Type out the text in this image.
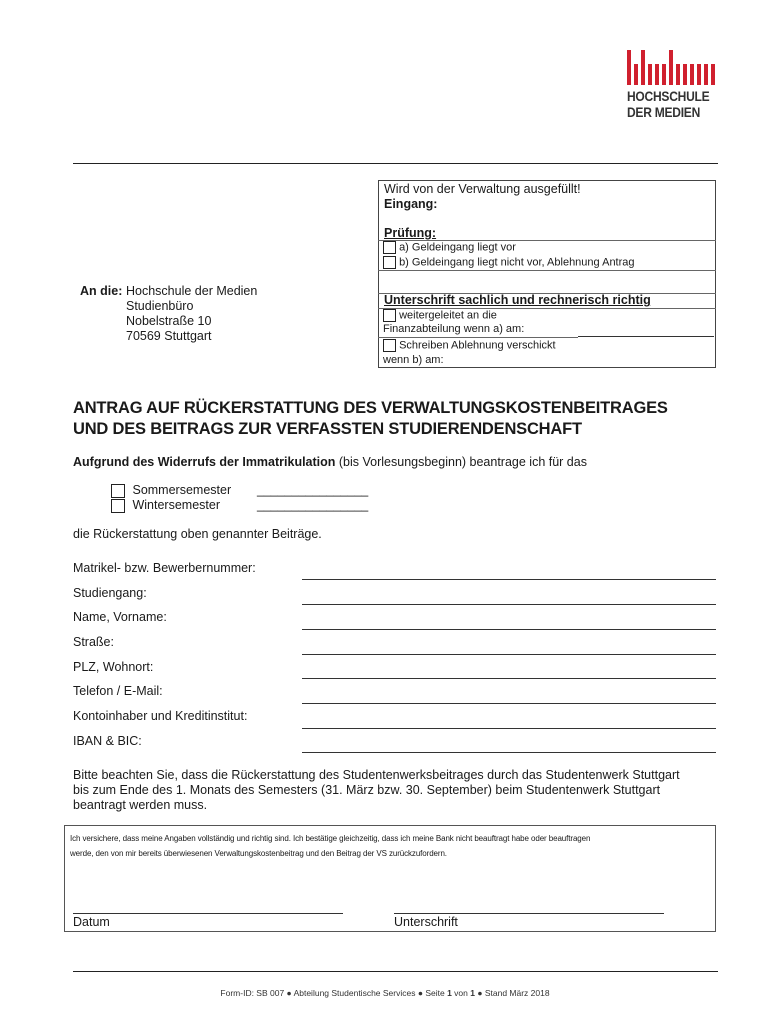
HOCHSCHULE
DER MEDIEN
Wird von der Verwaltung ausgefüllt!
Eingang:
Prüfung:
a) Geldeingang liegt vor
b) Geldeingang liegt nicht vor, Ablehnung Antrag
Unterschrift sachlich und rechnerisch richtig
weitergeleitet an die
Finanzabteilung wenn a) am:
Schreiben Ablehnung verschickt
wenn b) am:
An die: Hochschule der Medien
Studienbüro
Nobelstraße 10
70569 Stuttgart
ANTRAG AUF RÜCKERSTATTUNG DES VERWALTUNGSKOSTENBEITRAGES
UND DES BEITRAGS ZUR VERFASSTEN STUDIERENDENSCHAFT
Aufgrund des Widerrufs der Immatrikulation (bis Vorlesungsbeginn) beantrage ich für das
Sommersemester ________________
Wintersemester	________________
die Rückerstattung oben genannter Beiträge.
Matrikel- bzw. Bewerbernummer:
Studiengang:
Name, Vorname:
Straße:
PLZ, Wohnort:
Telefon / E-Mail:
Kontoinhaber und Kreditinstitut:
IBAN & BIC:
Bitte beachten Sie, dass die Rückerstattung des Studentenwerksbeitrages durch das Studentenwerk Stuttgart
bis zum Ende des 1. Monats des Semesters (31. März bzw. 30. September) beim Studentenwerk Stuttgart
beantragt werden muss.
Ich versichere, dass meine Angaben vollständig und richtig sind. Ich bestätige gleichzeitig, dass ich meine Bank nicht beauftragt habe oder beauftragen
werde, den von mir bereits überwiesenen Verwaltungskostenbeitrag und den Beitrag der VS zurückzufordern.
Datum	Unterschrift
Form-ID: SB 007 ● Abteilung Studentische Services ● Seite 1 von 1 ● Stand März 2018
